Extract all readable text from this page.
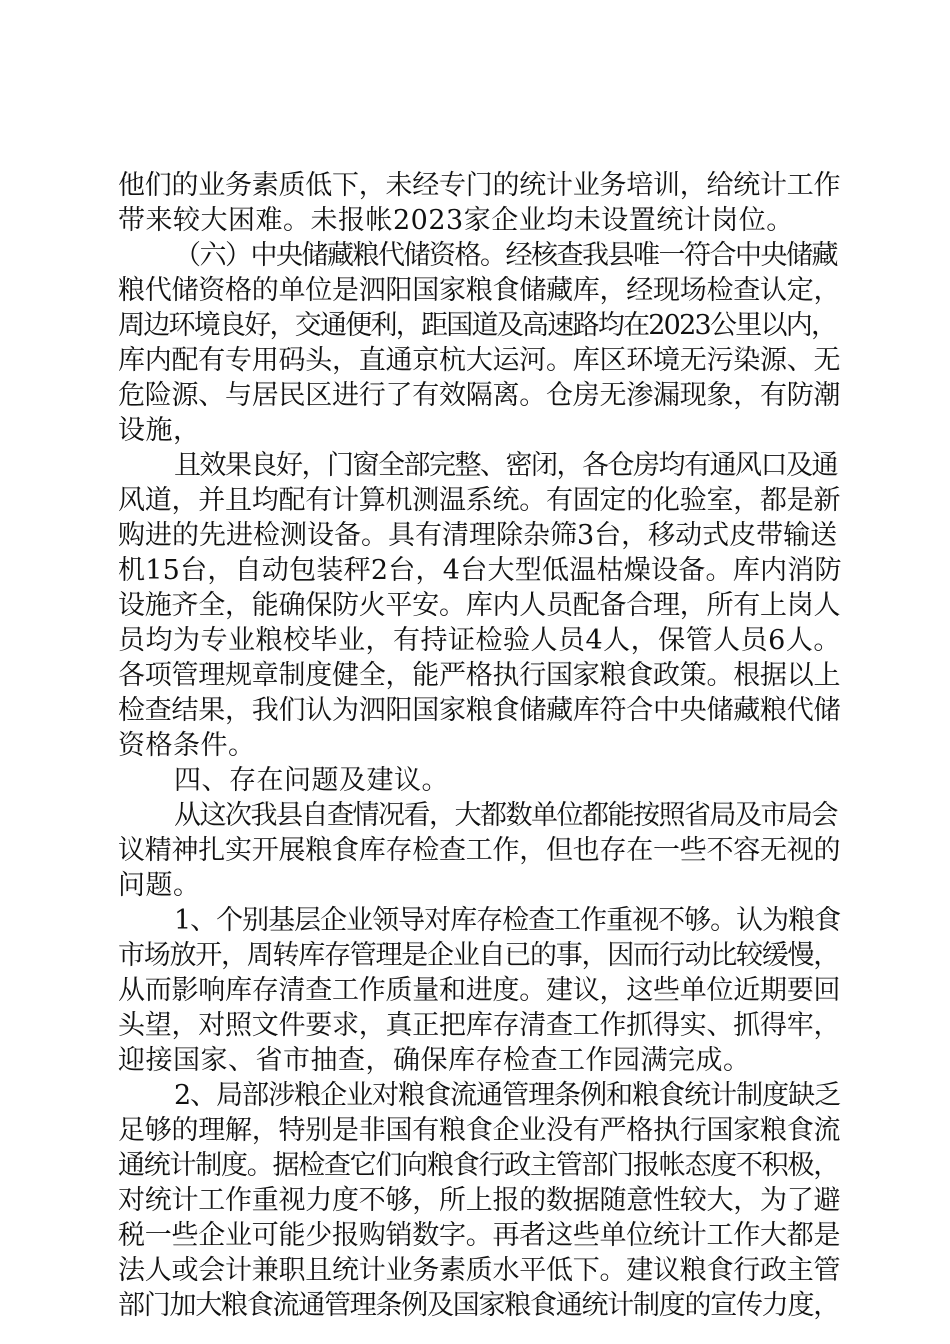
他们的业务素质低下，未经专门的统计业务培训，给统计工作
带来较大困难。未报帐2023家企业均未设置统计岗位。
（六）中央储藏粮代储资格。经核查我县唯一符合中央储藏
粮代储资格的单位是泗阳国家粮食储藏库，经现场检查认定，
周边环境良好，交通便利，距国道及高速路均在2023公里以内，
库内配有专用码头，直通京杭大运河。库区环境无污染源、无
危险源、与居民区进行了有效隔离。仓房无渗漏现象，有防潮
设施，
且效果良好，门窗全部完整、密闭，各仓房均有通风口及通
风道，并且均配有计算机测温系统。有固定的化验室，都是新
购进的先进检测设备。具有清理除杂筛3台，移动式皮带输送
机15台，自动包装秤2台，4台大型低温枯燥设备。库内消防
设施齐全，能确保防火平安。库内人员配备合理，所有上岗人
员均为专业粮校毕业，有持证检验人员4人，保管人员6人。
各项管理规章制度健全，能严格执行国家粮食政策。根据以上
检查结果，我们认为泗阳国家粮食储藏库符合中央储藏粮代储
资格条件。
四、存在问题及建议。
从这次我县自查情况看，大都数单位都能按照省局及市局会
议精神扎实开展粮食库存检查工作，但也存在一些不容无视的
问题。
1、个别基层企业领导对库存检查工作重视不够。认为粮食
市场放开，周转库存管理是企业自已的事，因而行动比较缓慢，
从而影响库存清查工作质量和进度。建议，这些单位近期要回
头望，对照文件要求，真正把库存清查工作抓得实、抓得牢，
迎接国家、省市抽查，确保库存检查工作园满完成。
2、局部涉粮企业对粮食流通管理条例和粮食统计制度缺乏
足够的理解，特别是非国有粮食企业没有严格执行国家粮食流
通统计制度。据检查它们向粮食行政主管部门报帐态度不积极，
对统计工作重视力度不够，所上报的数据随意性较大，为了避
税一些企业可能少报购销数字。再者这些单位统计工作大都是
法人或会计兼职且统计业务素质水平低下。建议粮食行政主管
部门加大粮食流通管理条例及国家粮食通统计制度的宣传力度，
